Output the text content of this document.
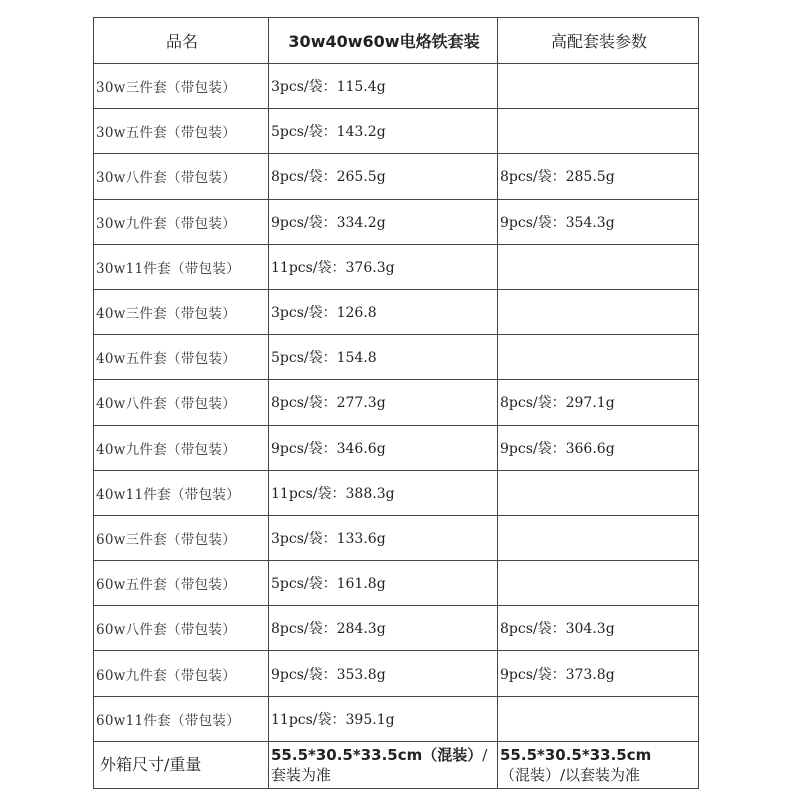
品名	30w40w60w电烙铁套装	高配套装参数
30w三件套（带包装）	3pcs/袋：115.4g	
30w五件套（带包装）	5pcs/袋：143.2g	
30w八件套（带包装）	8pcs/袋：265.5g	8pcs/袋：285.5g
30w九件套（带包装）	9pcs/袋：334.2g	9pcs/袋：354.3g
30w11件套（带包装）	11pcs/袋：376.3g	
40w三件套（带包装）	3pcs/袋：126.8	
40w五件套（带包装）	5pcs/袋：154.8	
40w八件套（带包装）	8pcs/袋：277.3g	8pcs/袋：297.1g
40w九件套（带包装）	9pcs/袋：346.6g	9pcs/袋：366.6g
40w11件套（带包装）	11pcs/袋：388.3g	
60w三件套（带包装）	3pcs/袋：133.6g	
60w五件套（带包装）	5pcs/袋：161.8g	
60w八件套（带包装）	8pcs/袋：284.3g	8pcs/袋：304.3g
60w九件套（带包装）	9pcs/袋：353.8g	9pcs/袋：373.8g
60w11件套（带包装）	11pcs/袋：395.1g	
外箱尺寸/重量	55.5*30.5*33.5cm（混装）/套装为准	55.5*30.5*33.5cm
（混装）/以套装为准
